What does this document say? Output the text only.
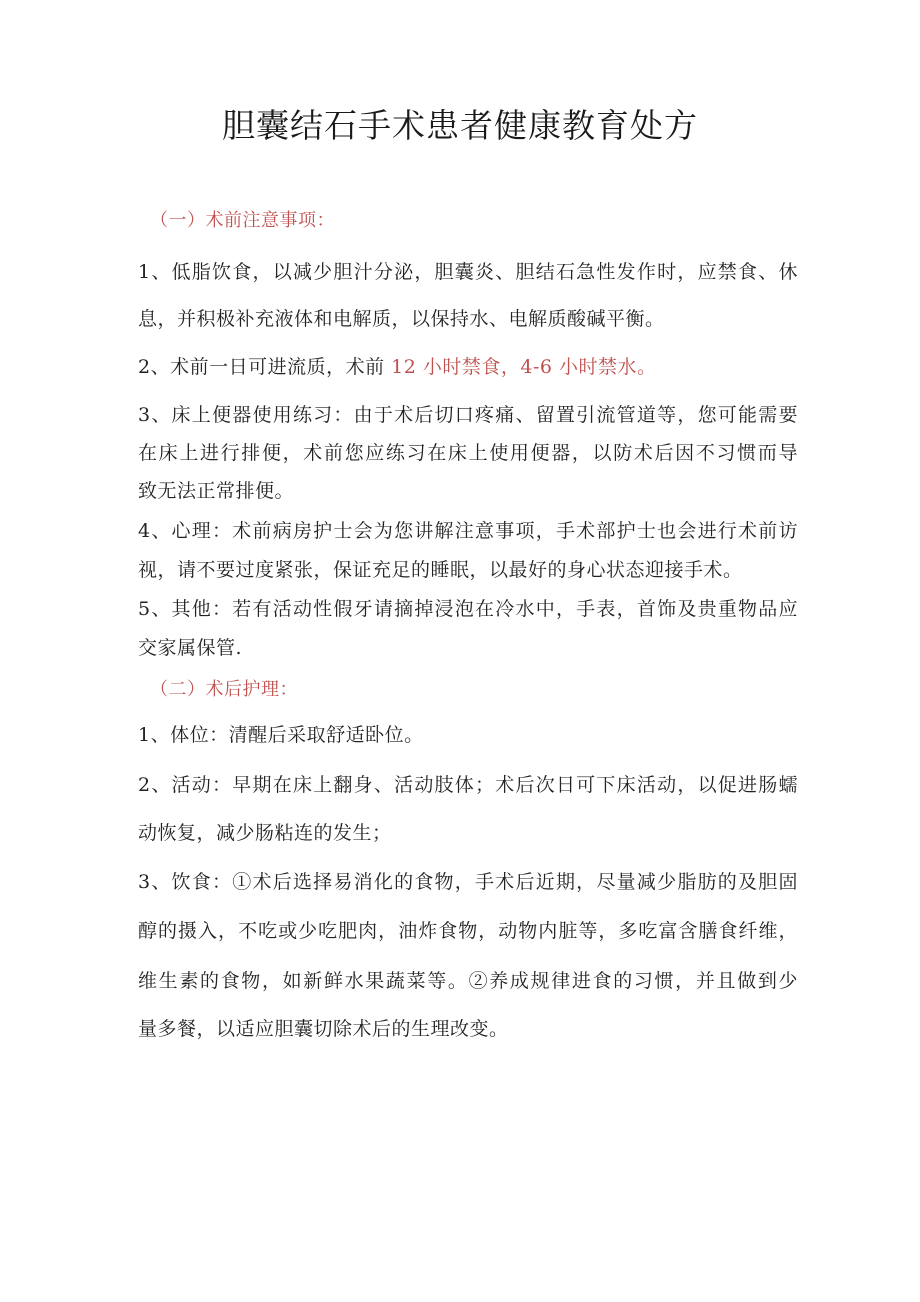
胆囊结石手术患者健康教育处方
（一）术前注意事项：
1、低脂饮食，以减少胆汁分泌，胆囊炎、胆结石急性发作时，应禁食、休
息，并积极补充液体和电解质，以保持水、电解质酸碱平衡。
2、术前一日可进流质，术前 12 小时禁食，4-6 小时禁水。
3、床上便器使用练习：由于术后切口疼痛、留置引流管道等，您可能需要
在床上进行排便，术前您应练习在床上使用便器，以防术后因不习惯而导
致无法正常排便。
4、心理：术前病房护士会为您讲解注意事项，手术部护士也会进行术前访
视，请不要过度紧张，保证充足的睡眠，以最好的身心状态迎接手术。
5、其他：若有活动性假牙请摘掉浸泡在冷水中，手表，首饰及贵重物品应
交家属保管.
（二）术后护理：
1、体位：清醒后采取舒适卧位。
2、活动：早期在床上翻身、活动肢体；术后次日可下床活动，以促进肠蠕
动恢复，减少肠粘连的发生；
3、饮食：①术后选择易消化的食物，手术后近期，尽量减少脂肪的及胆固
醇的摄入，不吃或少吃肥肉，油炸食物，动物内脏等，多吃富含膳食纤维，
维生素的食物，如新鲜水果蔬菜等。②养成规律进食的习惯，并且做到少
量多餐，以适应胆囊切除术后的生理改变。
